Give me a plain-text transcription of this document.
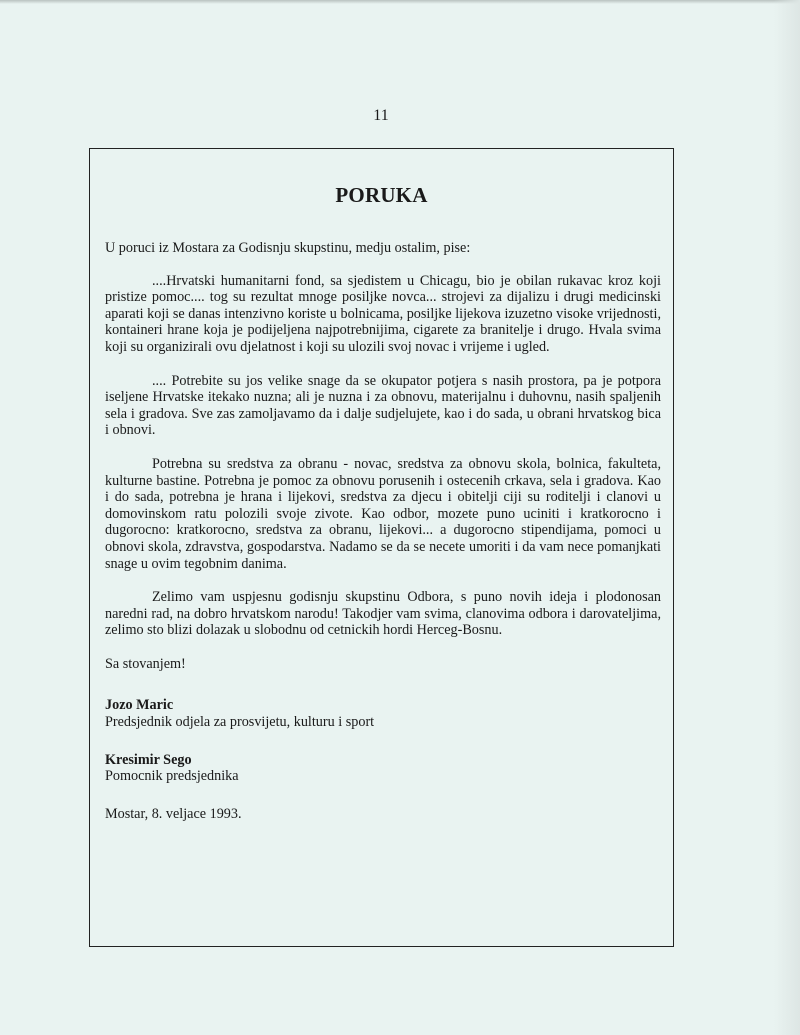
11
PORUKA

U poruci iz Mostara za Godisnju skupstinu, medju ostalim, pise:

....Hrvatski humanitarni fond, sa sjedistem u Chicagu, bio je obilan rukavac kroz koji pristize pomoc.... tog su rezultat mnoge posiljke novca... strojevi za dijalizu i drugi medicinski aparati koji se danas intenzivno koriste u bolnicama, posiljke lijekova izuzetno visoke vrijednosti, kontaineri hrane koja je podijeljena najpotrebnijima, cigarete za branitelje i drugo. Hvala svima koji su organizirali ovu djelatnost i koji su ulozili svoj novac i vrijeme i ugled.

.... Potrebite su jos velike snage da se okupator potjera s nasih prostora, pa je potpora iseljene Hrvatske itekako nuzna; ali je nuzna i za obnovu, materijalnu i duhovnu, nasih spaljenih sela i gradova. Sve zas zamoljavamo da i dalje sudjelujete, kao i do sada, u obrani hrvatskog bica i obnovi.

Potrebna su sredstva za obranu - novac, sredstva za obnovu skola, bolnica, fakulteta, kulturne bastine. Potrebna je pomoc za obnovu porusenih i ostecenih crkava, sela i gradova. Kao i do sada, potrebna je hrana i lijekovi, sredstva za djecu i obitelji ciji su roditelji i clanovi u domovinskom ratu polozili svoje zivote. Kao odbor, mozete puno uciniti i kratkorocno i dugorocno: kratkorocno, sredstva za obranu, lijekovi... a dugorocno stipendijama, pomoci u obnovi skola, zdravstva, gospodarstva. Nadamo se da se necete umoriti i da vam nece pomanjkati snage u ovim tegobnim danima.

Zelimo vam uspjesnu godisnju skupstinu Odbora, s puno novih ideja i plodonosan naredni rad, na dobro hrvatskom narodu! Takodjer vam svima, clanovima odbora i darovateljima, zelimo sto blizi dolazak u slobodnu od cetnickih hordi Herceg-Bosnu.

Sa stovanjem!

Jozo Maric
Predsjednik odjela za prosvijetu, kulturu i sport
Kresimir Sego
Pomocnik predsjednika
Mostar, 8. veljace 1993.
